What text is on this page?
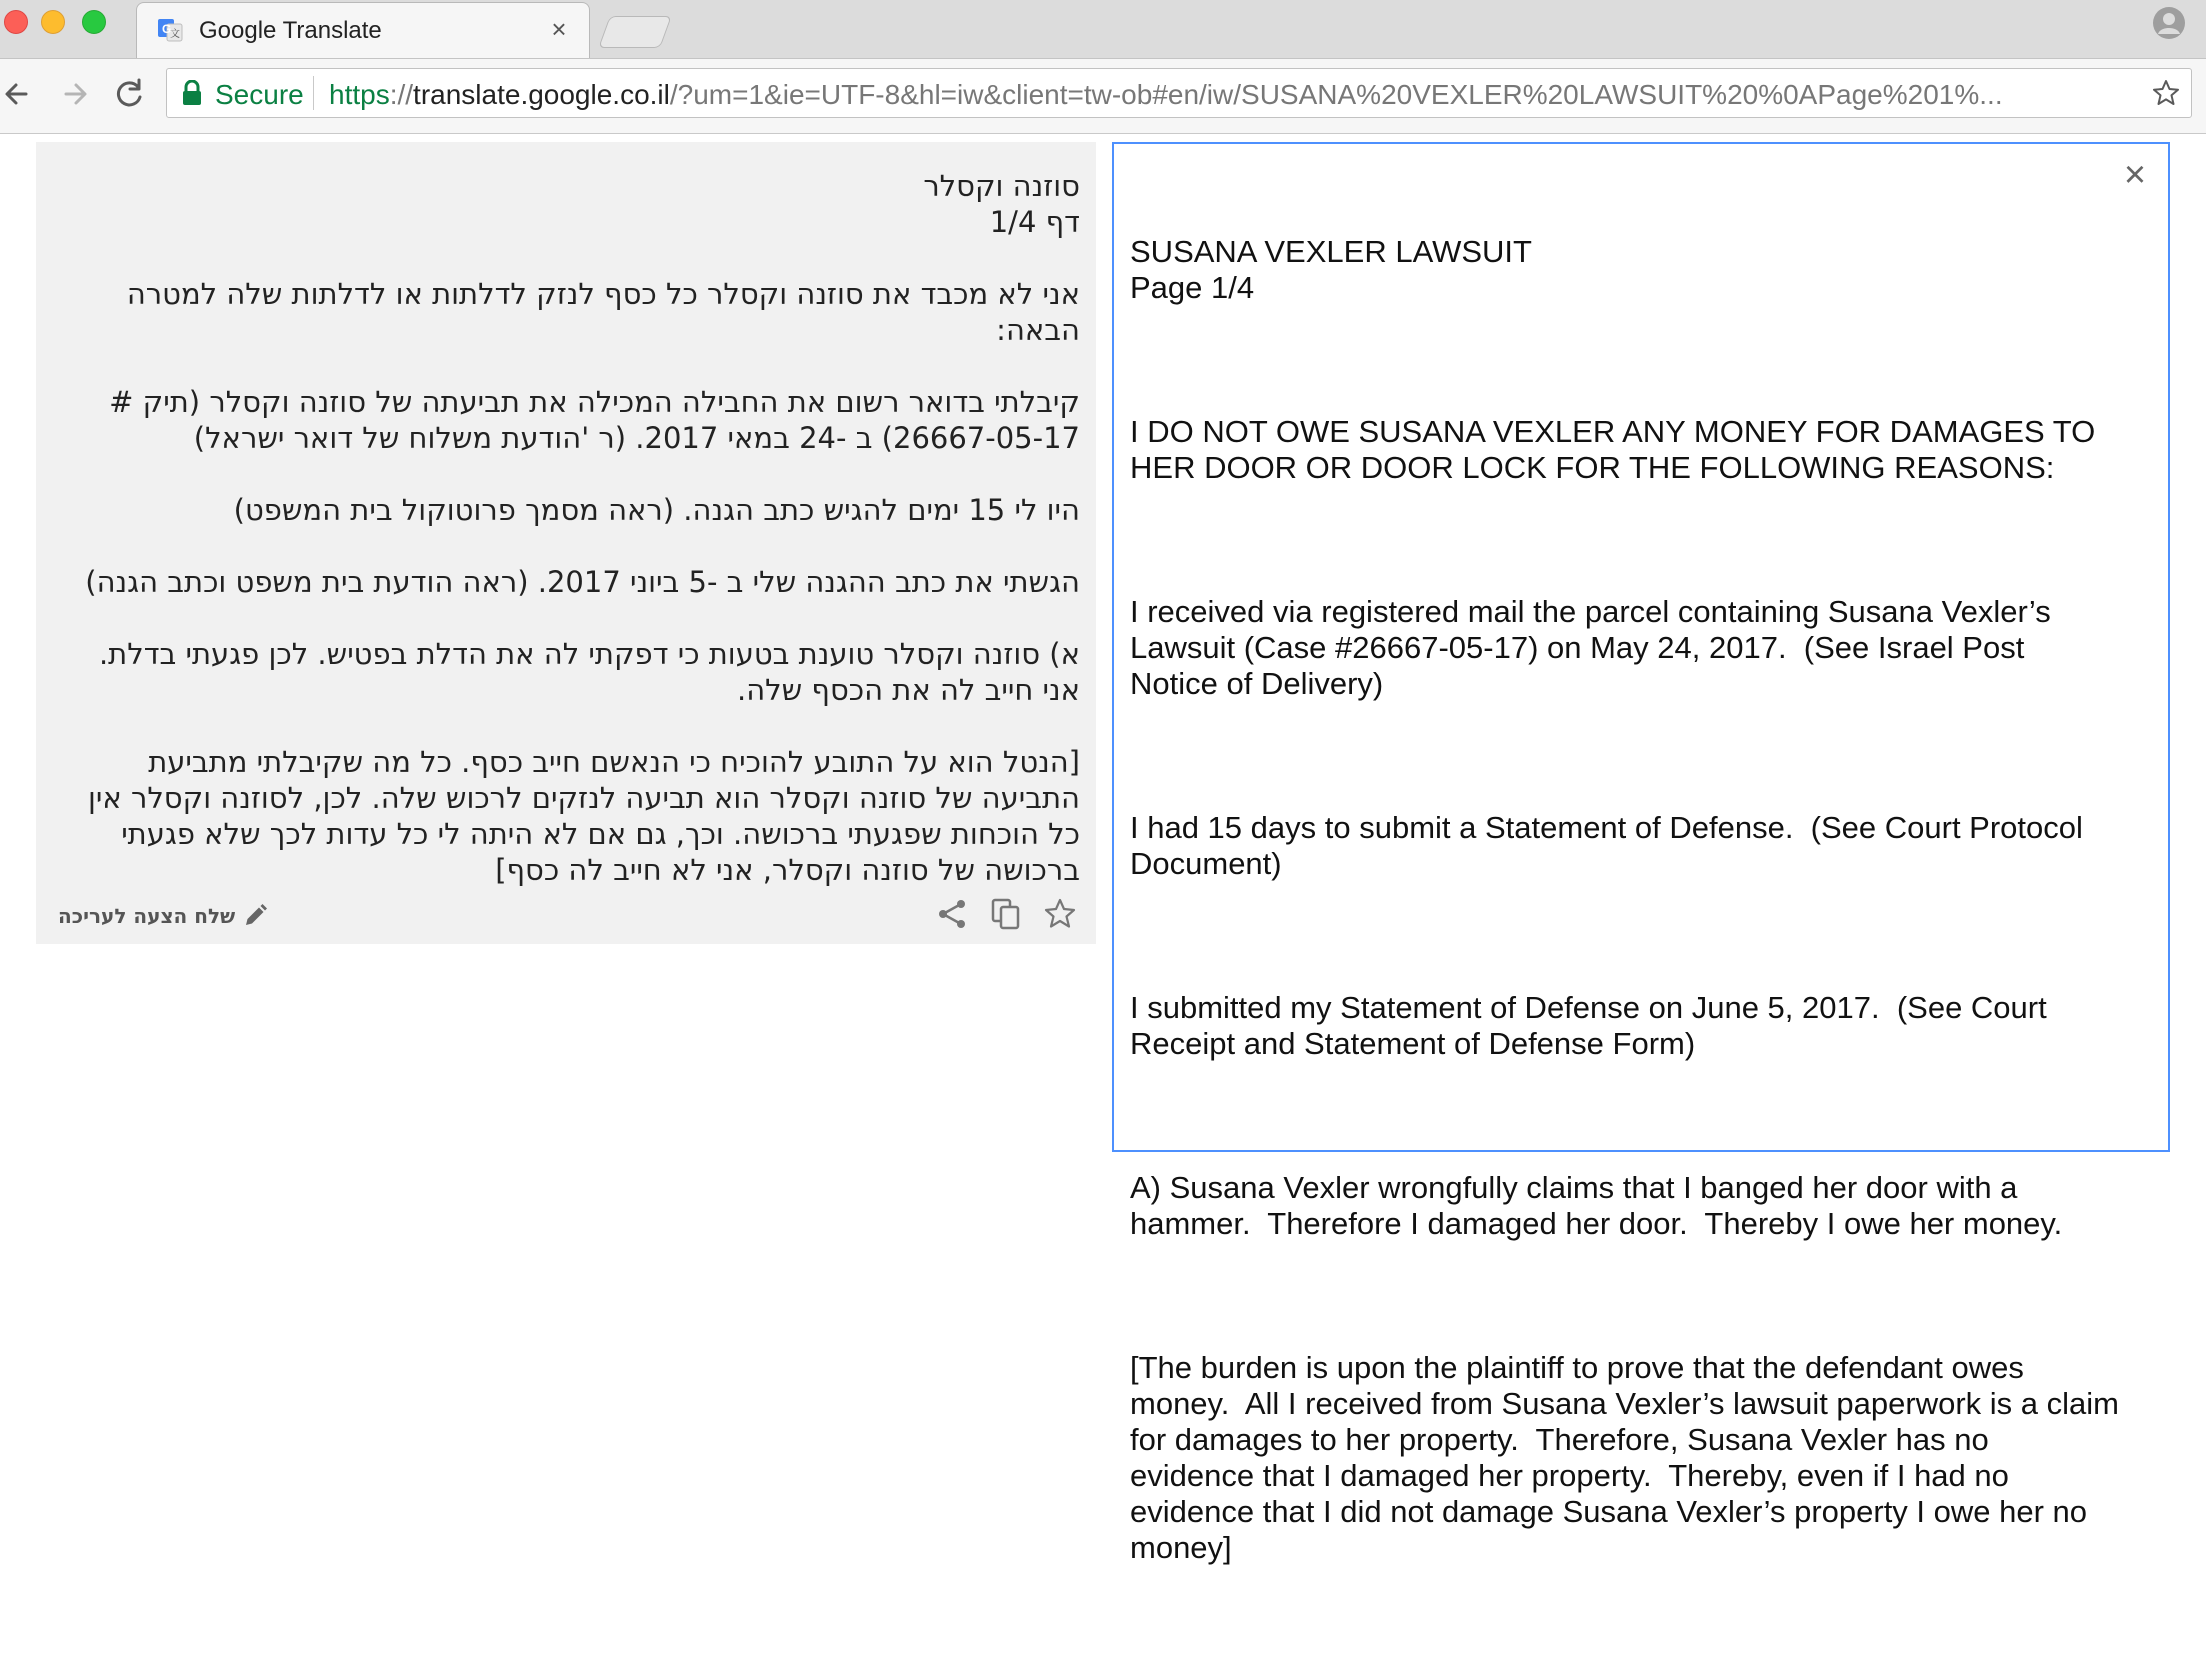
G
文 Google Translate	×
Secure https://translate.google.co.il/?um=1&ie=UTF-8&hl=iw&client=tw-ob#en/iw/SUSANA%20VEXLER%20LAWSUIT%20%0APage%201%...

סוזנה וקסלר
דף 1/4

אני לא מכבד את סוזנה וקסלר כל כסף לנזק לדלתות או לדלתות שלה למטרה הבאה:

קיבלתי בדואר רשום את החבילה המכילה את תביעתה של סוזנה וקסלר (תיק # 26667-05-17) ב -24 במאי 2017. (ר 'הודעת משלוח של דואר ישראל)

היו לי 15 ימים להגיש כתב הגנה. (ראה מסמך פרוטוקול בית המשפט)

הגשתי את כתב ההגנה שלי ב -5 ביוני 2017. (ראה הודעת בית משפט וכתב הגנה)

א) סוזנה וקסלר טוענת בטעות כי דפקתי לה את הדלת בפטיש. לכן פגעתי בדלת. אני חייב לה את הכסף שלה.

[הנטל הוא על התובע להוכיח כי הנאשם חייב כסף. כל מה שקיבלתי מתביעת התביעה של סוזנה וקסלר הוא תביעה לנזקים לרכוש שלה. לכן, לסוזנה וקסלר אין כל הוכחות שפגעתי ברכושה. וכך, גם אם לא היתה לי כל עדות לכך שלא פגעתי ברכושה של סוזנה וקסלר, אני לא חייב לה כסף]

שלח הצעה לעריכה

SUSANA VEXLER LAWSUIT
Page 1/4

I DO NOT OWE SUSANA VEXLER ANY MONEY FOR DAMAGES TO HER DOOR OR DOOR LOCK FOR THE FOLLOWING REASONS:

I received via registered mail the parcel containing Susana Vexler’s Lawsuit (Case #26667-05-17) on May 24, 2017.  (See Israel Post Notice of Delivery)

I had 15 days to submit a Statement of Defense.  (See Court Protocol Document)

I submitted my Statement of Defense on June 5, 2017.  (See Court Receipt and Statement of Defense Form)

A) Susana Vexler wrongfully claims that I banged her door with a hammer.  Therefore I damaged her door.  Thereby I owe her money.

[The burden is upon the plaintiff to prove that the defendant owes money.  All I received from Susana Vexler’s lawsuit paperwork is a claim for damages to her property.  Therefore, Susana Vexler has no evidence that I damaged her property.  Thereby, even if I had no evidence that I did not damage Susana Vexler’s property I owe her no money]

×
